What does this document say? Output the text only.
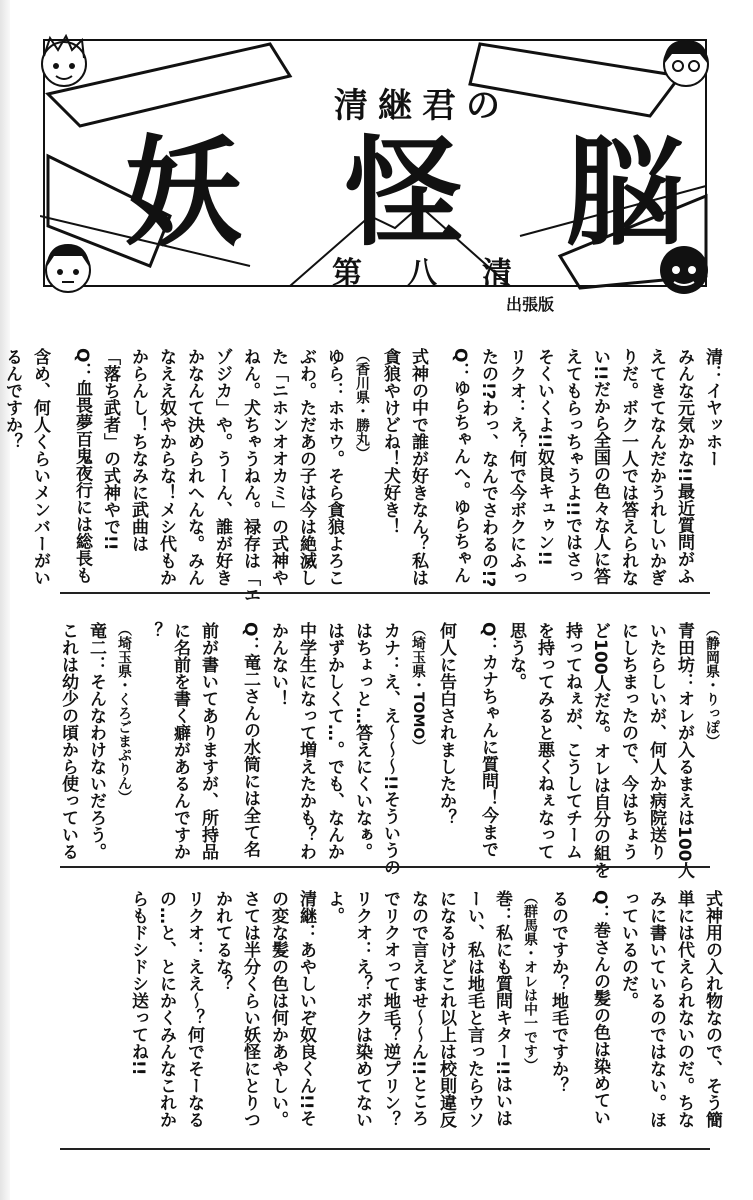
清継君の
妖 怪 脳
第 八 清
出張版

清：イヤッホー

みんな元気かな!!最近質問がふ

えてきてなんだかうれしいかぎ

りだ。ボク一人では答えられな

い!!だから全国の色々な人に答

えてもらっちゃうよ!!ではさっ

そくいくよ!!奴良キュゥン!!

リクオ：え？何で今ボクにふっ

たの!?わっ、なんでさわるの!?

Q：ゆらちゃんへ。ゆらちゃん

式神の中で誰が好きなん？私は

貪狼やけどね！犬好き！

（香川県・勝丸）

ゆら：ホホウ。そら貪狼よろこ

ぶわ。ただあの子は今は絶滅し

た「ニホンオオカミ」の式神や

ねん。犬ちゃうねん。禄存は「エ

ゾジカ」や。うーん、誰が好き

かなんて決められへんな。みん

なええ奴やからな！メシ代もか

からんし！ちなみに武曲は

「落ち武者」の式神やで!!

Q：血畏夢百鬼夜行には総長も

含め、何人くらいメンバーがい

るんですか？

（静岡県・りっぽ）

青田坊：オレが入るまえは100人

いたらしいが、何人か病院送り

にしちまったので、今はちょう

ど100人だな。オレは自分の組を

持ってねぇが、こうしてチーム

を持ってみると悪くねぇなって

思うな。

Q：カナちゃんに質問！今まで

何人に告白されましたか？

（埼玉県・TOMO）

カナ：え、え〜〜〜!!そういうの

はちょっと…答えにくいなぁ。

はずかしくて…。でも、なんか

中学生になって増えたかも？わ

かんない！

Q：竜二さんの水筒には全て名

前が書いてありますが、所持品

に名前を書く癖があるんですか

？

（埼玉県・くろごまぷりん）

竜二：そんなわけないだろう。

これは幼少の頃から使っている

式神用の入れ物なので、そう簡

単には代えられないのだ。ちな

みに書いているのではない。ほ

っているのだ。

Q：巻さんの髪の色は染めてい

るのですか？地毛ですか？

（群馬県・オレは中一です）

巻：私にも質問キター!!はいは

ーい、私は地毛と言ったらウソ

になるけどこれ以上は校則違反

なので言えませ〜〜ん!!ところ

でリクオって地毛？逆プリン？

リクオ：え？ボクは染めてない

よ。

清継：あやしいぞ奴良くん!!そ

の変な髪の色は何かあやしい。

さては半分くらい妖怪にとりつ

かれてるな？

リクオ：ええ〜？何でそーなる

の…と、とにかくみんなこれか

らもドシドシ送ってね!!
